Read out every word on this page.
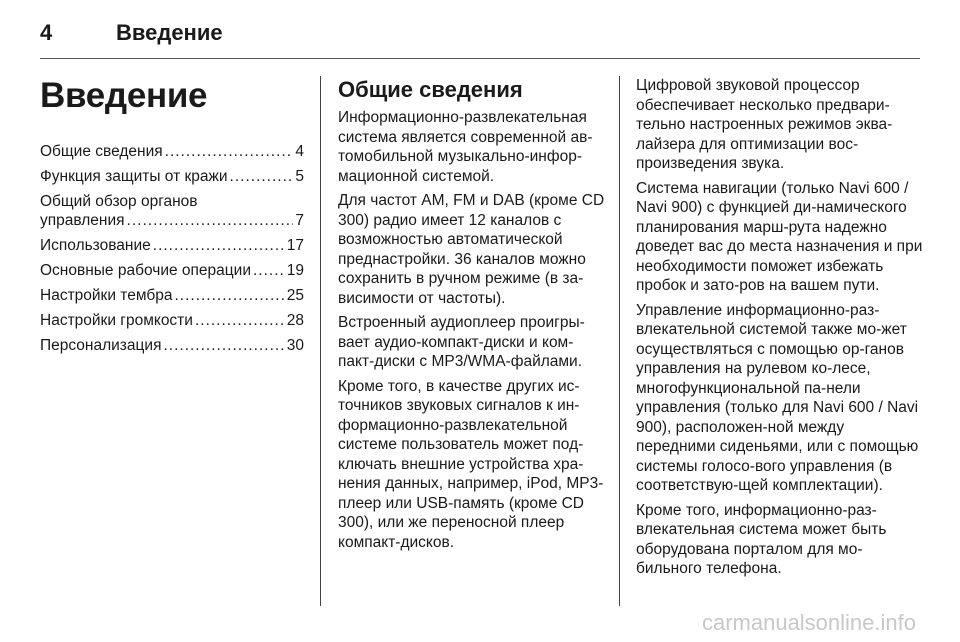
4	Введение
Введение
Общие сведения .....	4
Функция защиты от кражи .....	5
Общий обзор органов
управления .....	7
Использование .....	17
Основные рабочие операции ..... 19
Настройки тембра .....	25
Настройки громкости .....	28
Персонализация .....	30
Общие сведения

Информационно-развлекательная система является современной ав-томобильной музыкально-инфор-мационной системой.

Для частот AM, FM и DAB (кроме CD 300) радио имеет 12 каналов с возможностью автоматической преднастройки. 36 каналов можно сохранить в ручном режиме (в за-висимости от частоты).

Встроенный аудиоплеер проигры-вает аудио-компакт-диски и ком-пакт-диски с MP3/WMA-файлами.

Кроме того, в качестве других ис-точников звуковых сигналов к ин-формационно-развлекательной системе пользователь может под-ключать внешние устройства хра-нения данных, например, iPod, MP3-плеер или USB-память (кроме CD 300), или же переносной плеер компакт-дисков.

Цифровой звуковой процессор обеспечивает несколько предвари-тельно настроенных режимов эква-лайзера для оптимизации вос-произведения звука.

Система навигации (только Navi 600 / Navi 900) с функцией ди-намического планирования марш-рута надежно доведет вас до места назначения и при необходимости поможет избежать пробок и зато-ров на вашем пути.

Управление информационно-раз-влекательной системой также мо-жет осуществляться с помощью ор-ганов управления на рулевом ко-лесе, многофункциональной па-нели управления (только для Navi 600 / Navi 900), расположен-ной между передними сиденьями, или с помощью системы голосо-вого управления (в соответствую-щей комплектации).

Кроме того, информационно-раз-влекательная система может быть оборудована порталом для мо-бильного телефона.

carmanualsonline.info
